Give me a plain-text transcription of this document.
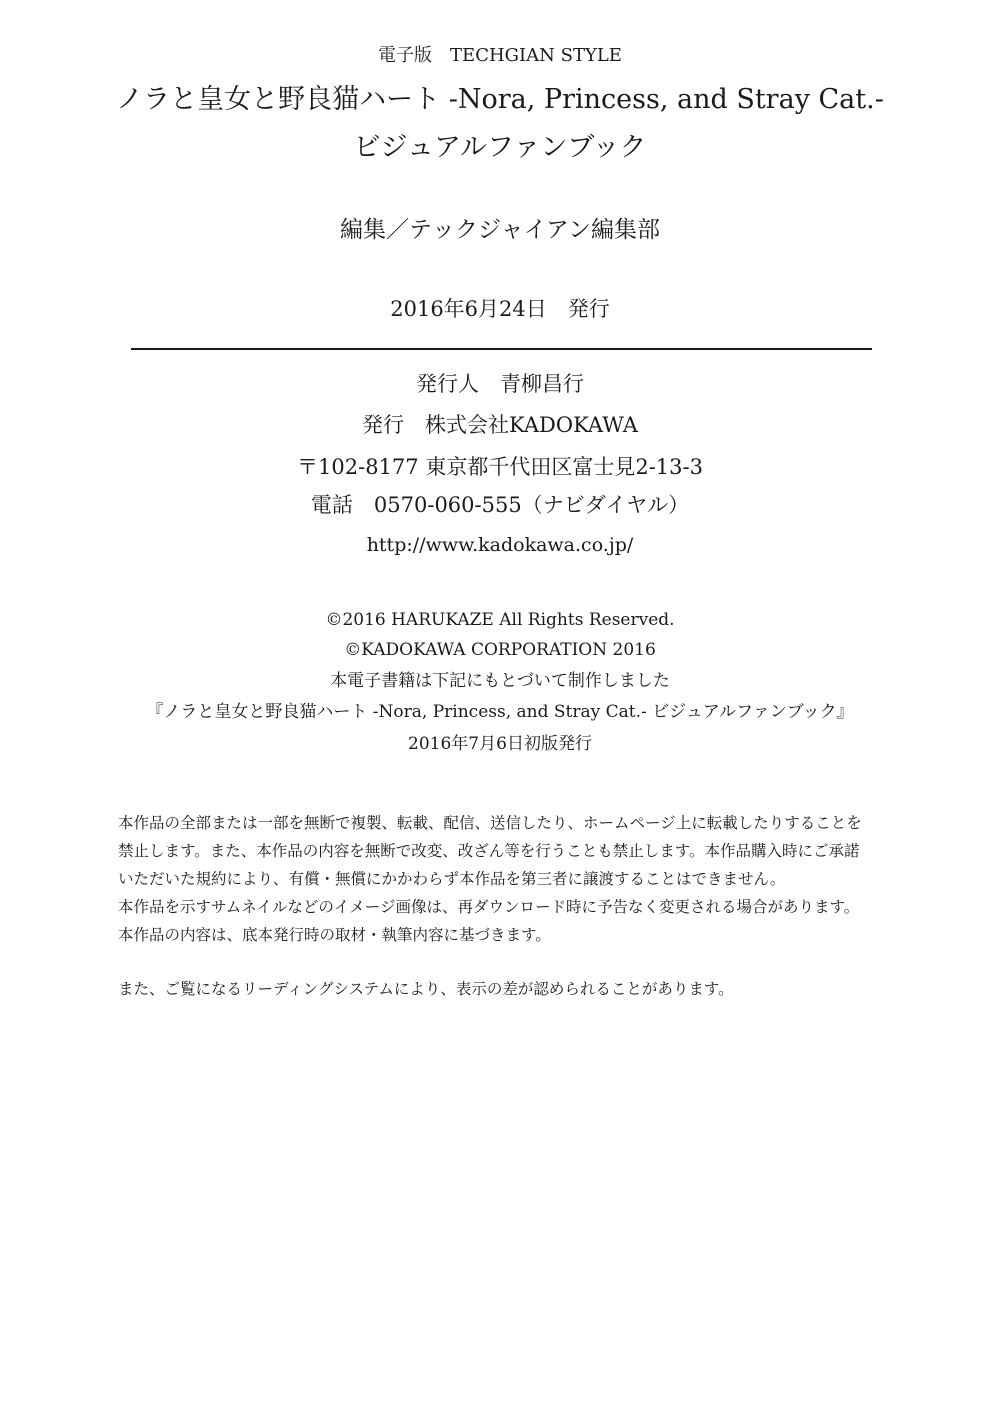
電子版　TECHGIAN STYLE
ノラと皇女と野良猫ハート -Nora, Princess, and Stray Cat.-
ビジュアルファンブック
編集／テックジャイアン編集部
2016年6月24日　発行
発行人　青柳昌行
発行　株式会社KADOKAWA
〒102-8177 東京都千代田区富士見2-13-3
電話　0570-060-555（ナビダイヤル）
http://www.kadokawa.co.jp/
©2016 HARUKAZE All Rights Reserved.
©KADOKAWA CORPORATION 2016
本電子書籍は下記にもとづいて制作しました
『ノラと皇女と野良猫ハート -Nora, Princess, and Stray Cat.- ビジュアルファンブック』
2016年7月6日初版発行
本作品の全部または一部を無断で複製、転載、配信、送信したり、ホームページ上に転載したりすることを
禁止します。また、本作品の内容を無断で改変、改ざん等を行うことも禁止します。本作品購入時にご承諾
いただいた規約により、有償・無償にかかわらず本作品を第三者に譲渡することはできません。
本作品を示すサムネイルなどのイメージ画像は、再ダウンロード時に予告なく変更される場合があります。
本作品の内容は、底本発行時の取材・執筆内容に基づきます。
また、ご覧になるリーディングシステムにより、表示の差が認められることがあります。
